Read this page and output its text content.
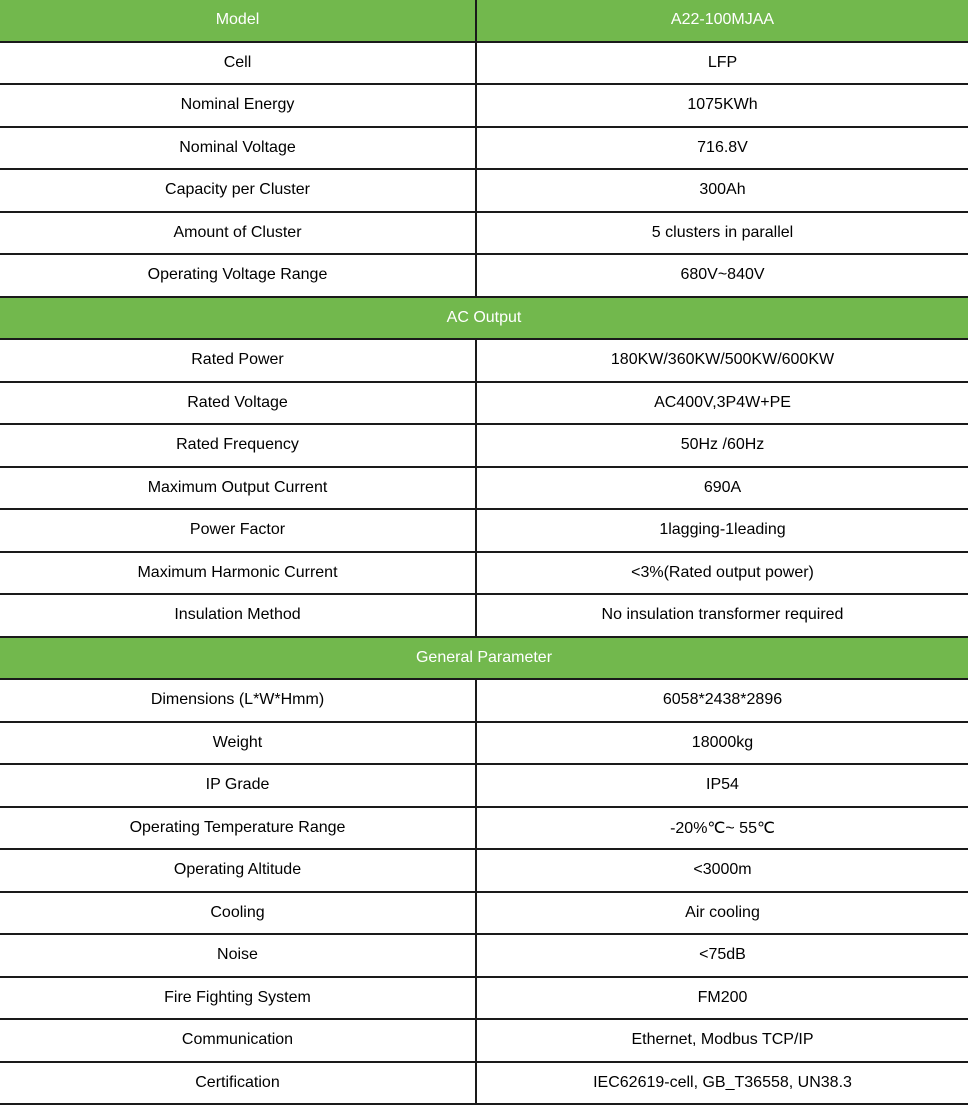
Model	A22-100MJAA
Cell	LFP
Nominal Energy	1075KWh
Nominal Voltage	716.8V
Capacity per Cluster	300Ah
Amount of Cluster	5 clusters in parallel
Operating Voltage Range	680V~840V
AC Output
Rated Power	180KW/360KW/500KW/600KW
Rated Voltage	AC400V,3P4W+PE
Rated Frequency	50Hz /60Hz
Maximum Output Current	690A
Power Factor	1lagging-1leading
Maximum Harmonic Current	<3%(Rated output power)
Insulation Method	No insulation transformer required
General Parameter
Dimensions (L*W*Hmm)	6058*2438*2896
Weight	18000kg
IP Grade	IP54
Operating Temperature Range	-20%℃~ 55℃
Operating Altitude	<3000m
Cooling	Air cooling
Noise	<75dB
Fire Fighting System	FM200
Communication	Ethernet, Modbus TCP/IP
Certification	IEC62619-cell, GB_T36558, UN38.3
